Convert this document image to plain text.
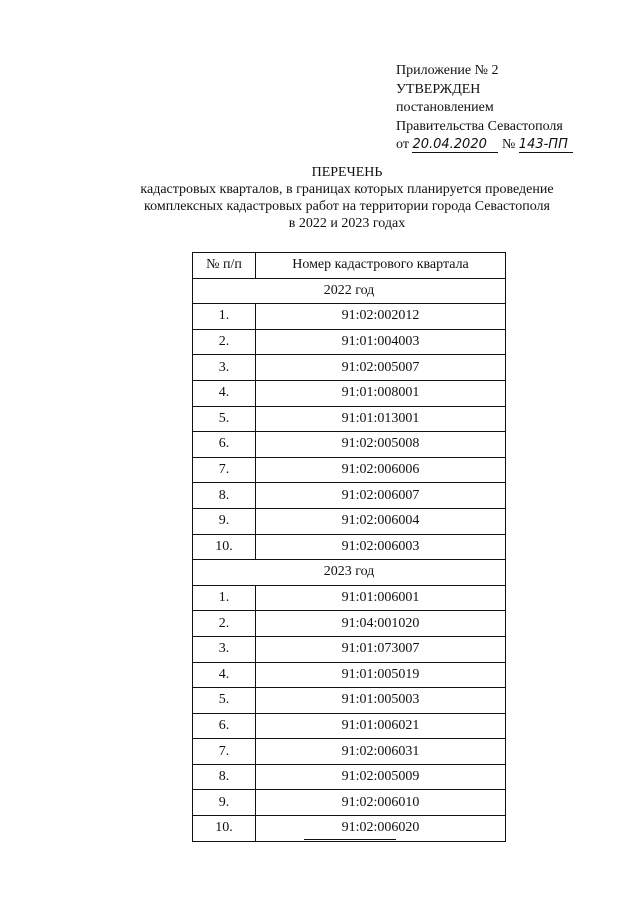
Приложение № 2
УТВЕРЖДЕН
постановлением
Правительства Севастополя
от 20.04.2020 № 143-ПП
ПЕРЕЧЕНЬ
кадастровых кварталов, в границах которых планируется проведение
комплексных кадастровых работ на территории города Севастополя
в 2022 и 2023 годах
№ п/п	Номер кадастрового квартала
2022 год	
1.	91:02:002012
2.	91:01:004003
3.	91:02:005007
4.	91:01:008001
5.	91:01:013001
6.	91:02:005008
7.	91:02:006006
8.	91:02:006007
9.	91:02:006004
10.	91:02:006003
2023 год	
1.	91:01:006001
2.	91:04:001020
3.	91:01:073007
4.	91:01:005019
5.	91:01:005003
6.	91:01:006021
7.	91:02:006031
8.	91:02:005009
9.	91:02:006010
10.	91:02:006020
